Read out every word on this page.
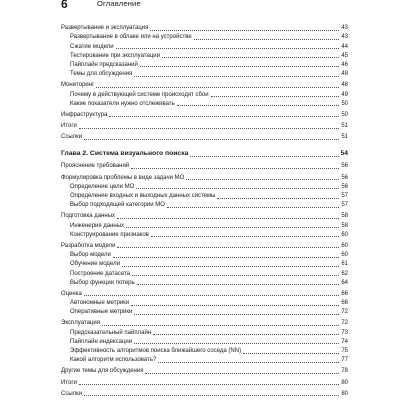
6	Оглавление
Развертывание и эксплуатация	43
Развертывание в облаке или на устройстве	43
Сжатие модели	44
Тестирование при эксплуатации	45
Пайплайн предсказаний	46
Темы для обсуждения	48
Мониторинг	48
Почему в действующей системе происходят сбои	49
Какие показатели нужно отслеживать	50
Инфраструктура	50
Итоги	51
Ссылки	51
Глава 2. Система визуального поиска	54
Прояснение требований	56
Формулировка проблемы в виде задачи МО	56
Определение цели МО	56
Определение входных и выходных данных системы	57
Выбор подходящей категории МО	57
Подготовка данных	58
Инженерия данных	58
Конструирование признаков	60
Разработка модели	60
Выбор модели	60
Обучение модели	61
Построение датасета	62
Выбор функции потерь	64
Оценка	66
Автономные метрики	66
Оперативные метрики	72
Эксплуатация	72
Предсказательный пайплайн	73
Пайплайн индексации	74
Эффективность алгоритмов поиска ближайшего соседа (NN)	75
Какой алгоритм использовать?	77
Другие темы для обсуждения	78
Итоги	80
Ссылки	80
